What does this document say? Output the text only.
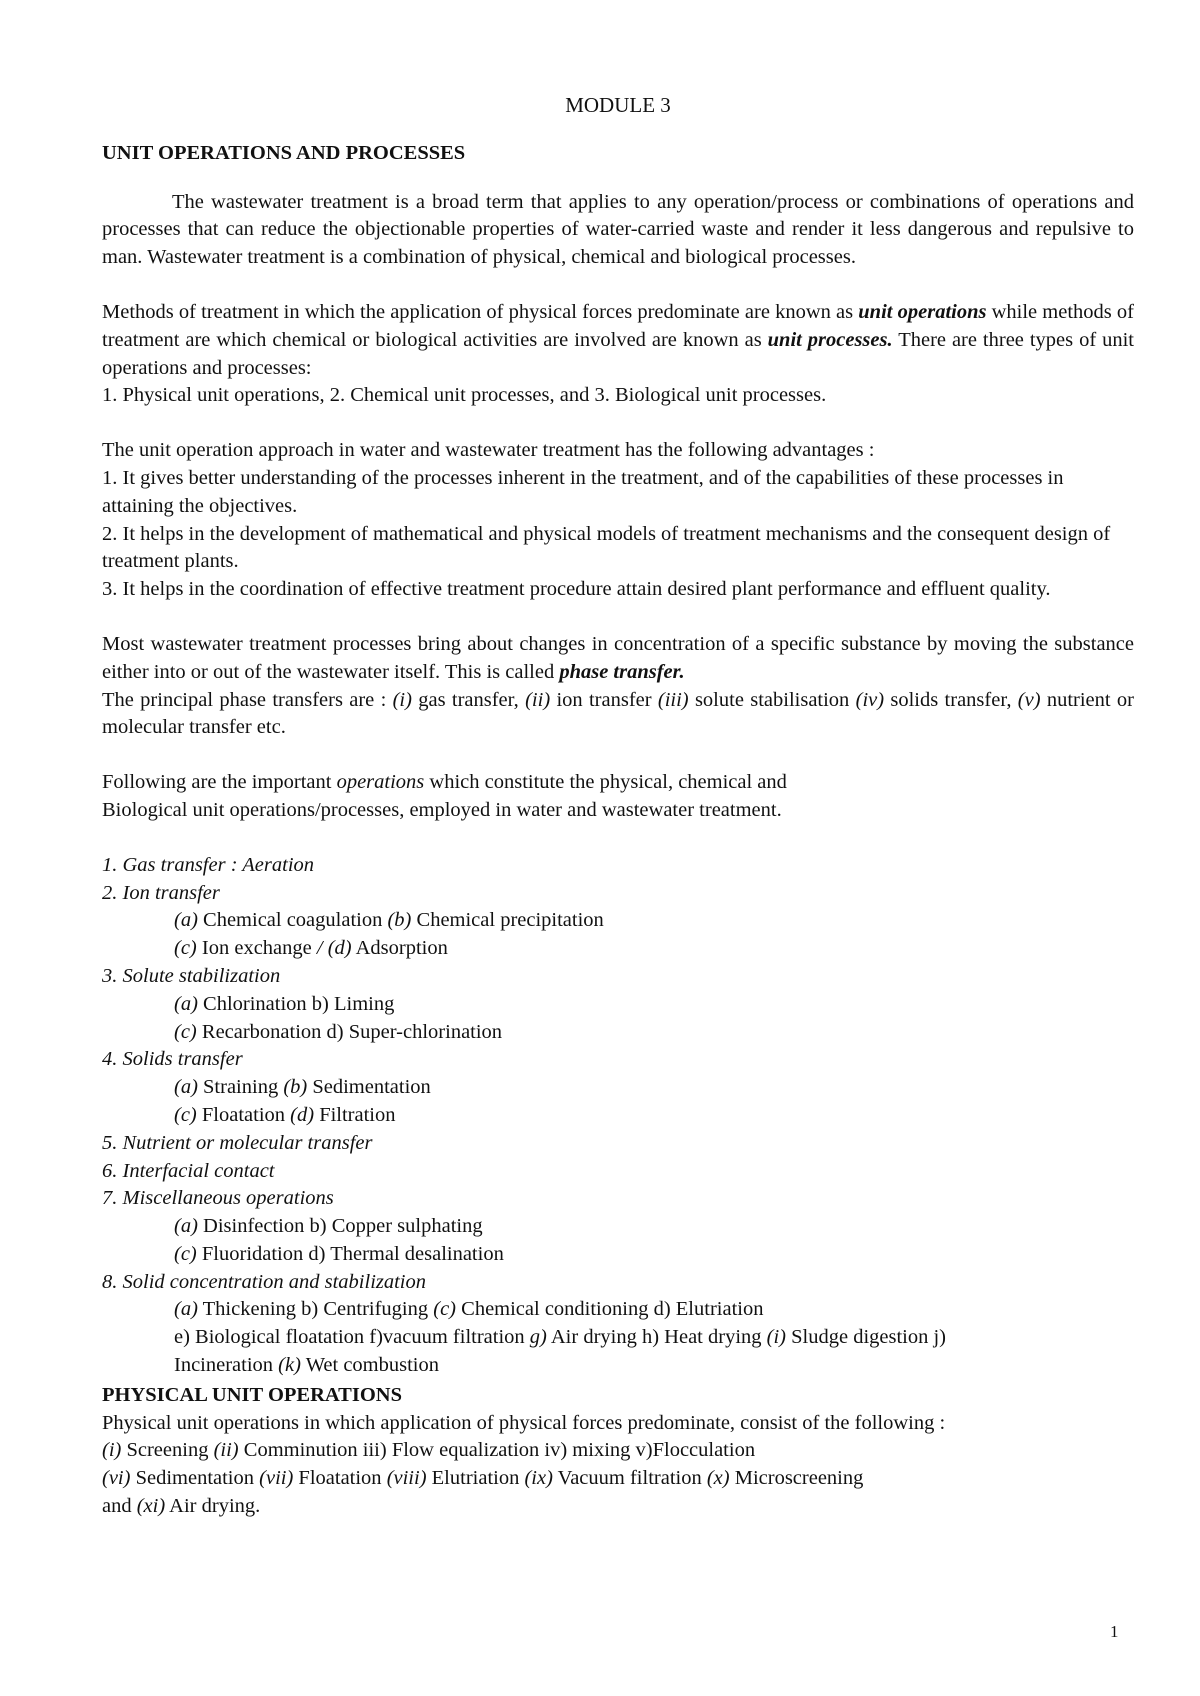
MODULE 3
UNIT OPERATIONS AND PROCESSES

The wastewater treatment is a broad term that applies to any operation/process or combinations of operations and processes that can reduce the objectionable properties of water-carried waste and render it less dangerous and repulsive to man. Wastewater treatment is a combination of physical, chemical and biological processes.

Methods of treatment in which the application of physical forces predominate are known as unit operations while methods of treatment are which chemical or biological activities are involved are known as unit processes. There are three types of unit operations and processes:

1. Physical unit operations, 2. Chemical unit processes, and 3. Biological unit processes.

The unit operation approach in water and wastewater treatment has the following advantages :

1. It gives better understanding of the processes inherent in the treatment, and of the capabilities of these processes in attaining the objectives.

2. It helps in the development of mathematical and physical models of treatment mechanisms and the consequent design of treatment plants.

3. It helps in the coordination of effective treatment procedure attain desired plant performance and effluent quality.

Most wastewater treatment processes bring about changes in concentration of a specific substance by moving the substance either into or out of the wastewater itself. This is called phase transfer.

The principal phase transfers are : (i) gas transfer, (ii) ion transfer (iii) solute stabilisation (iv) solids transfer, (v) nutrient or molecular transfer etc.

Following are the important operations which constitute the physical, chemical and

Biological unit operations/processes, employed in water and wastewater treatment.

1. Gas transfer : Aeration

2. Ion transfer

(a) Chemical coagulation (b) Chemical precipitation

(c) Ion exchange / (d) Adsorption

3. Solute stabilization

(a) Chlorination b) Liming

(c) Recarbonation d) Super-chlorination

4. Solids transfer

(a) Straining (b) Sedimentation

(c) Floatation (d) Filtration

5. Nutrient or molecular transfer

6. Interfacial contact

7. Miscellaneous operations

(a) Disinfection b) Copper sulphating

(c) Fluoridation d) Thermal desalination

8. Solid concentration and stabilization

(a) Thickening b) Centrifuging (c) Chemical conditioning d) Elutriation

e) Biological floatation f)vacuum filtration g) Air drying h) Heat drying (i) Sludge digestion j)
Incineration (k) Wet combustion

PHYSICAL UNIT OPERATIONS

Physical unit operations in which application of physical forces predominate, consist of the following :

(i) Screening (ii) Comminution iii) Flow equalization iv) mixing v)Flocculation

(vi) Sedimentation (vii) Floatation (viii) Elutriation (ix) Vacuum filtration (x) Microscreening

and (xi) Air drying.

1
